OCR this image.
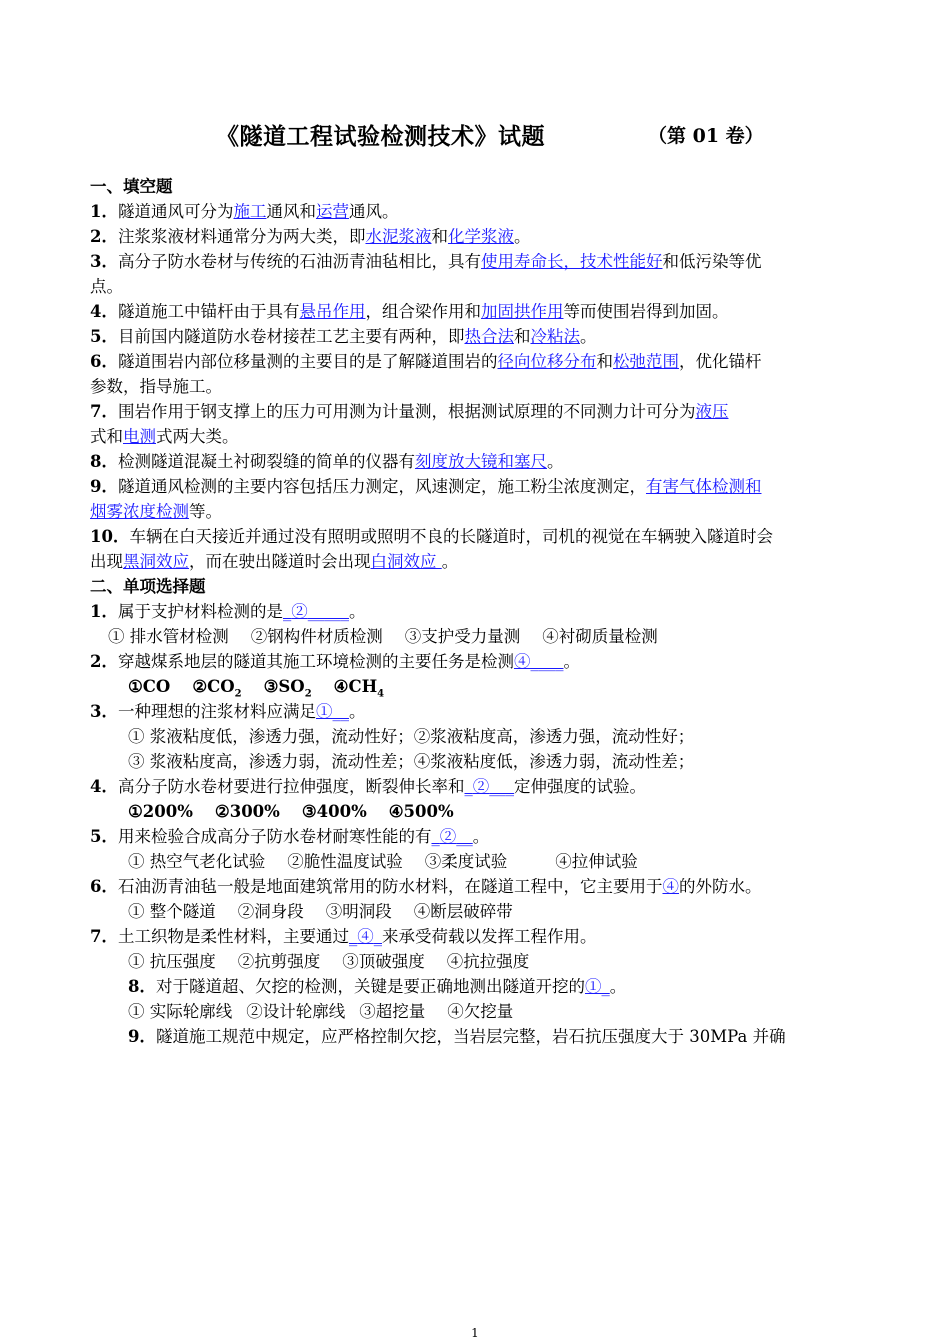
《隧道工程试验检测技术》试题	（第 01 卷）
一、填空题
1．隧道通风可分为施工通风和运营通风。
2．注浆浆液材料通常分为两大类，即水泥浆液和化学浆液。
3．高分子防水卷材与传统的石油沥青油毡相比，具有使用寿命长，技术性能好和低污染等优
点。
4．隧道施工中锚杆由于具有悬吊作用，组合梁作用和加固拱作用等而使围岩得到加固。
5．目前国内隧道防水卷材接茬工艺主要有两种，即热合法和冷粘法。
6．隧道围岩内部位移量测的主要目的是了解隧道围岩的径向位移分布和松弛范围，优化锚杆
参数，指导施工。
7．围岩作用于钢支撑上的压力可用测为计量测，根据测试原理的不同测力计可分为液压
式和电测式两大类。
8．检测隧道混凝土衬砌裂缝的简单的仪器有刻度放大镜和塞尺。
9．隧道通风检测的主要内容包括压力测定，风速测定，施工粉尘浓度测定，有害气体检测和
烟雾浓度检测等。
10．车辆在白天接近并通过没有照明或照明不良的长隧道时，司机的视觉在车辆驶入隧道时会
出现黑洞效应，而在驶出隧道时会出现白洞效应 。
二、单项选择题
1．属于支护材料检测的是_②_____。
① 排水管材检测 ②钢构件材质检测 ③支护受力量测 ④衬砌质量检测
2．穿越煤系地层的隧道其施工环境检测的主要任务是检测④____。
①CO $②CO_2$ $③SO_2$ $④CH_4$
3．一种理想的注浆材料应满足①__。
① 浆液粘度低，渗透力强，流动性好；②浆液粘度高，渗透力强，流动性好；
③ 浆液粘度高，渗透力弱，流动性差；④浆液粘度低，渗透力弱，流动性差；
4．高分子防水卷材要进行拉伸强度，断裂伸长率和_②___定伸强度的试验。
①200% ②300% ③400% ④500%
5．用来检验合成高分子防水卷材耐寒性能的有_②__。
① 热空气老化试验 ②脆性温度试验 ③柔度试验	④拉伸试验
6．石油沥青油毡一般是地面建筑常用的防水材料，在隧道工程中，它主要用于④的外防水。
① 整个隧道 ②洞身段 ③明洞段 ④断层破碎带
7．土工织物是柔性材料，主要通过_④_来承受荷载以发挥工程作用。
① 抗压强度 ②抗剪强度 ③顶破强度 ④抗拉强度
8．对于隧道超、欠挖的检测，关键是要正确地测出隧道开挖的①_。
① 实际轮廓线 ②设计轮廓线 ③超挖量 ④欠挖量
9．隧道施工规范中规定，应严格控制欠挖，当岩层完整，岩石抗压强度大于 30MPa 并确
1
